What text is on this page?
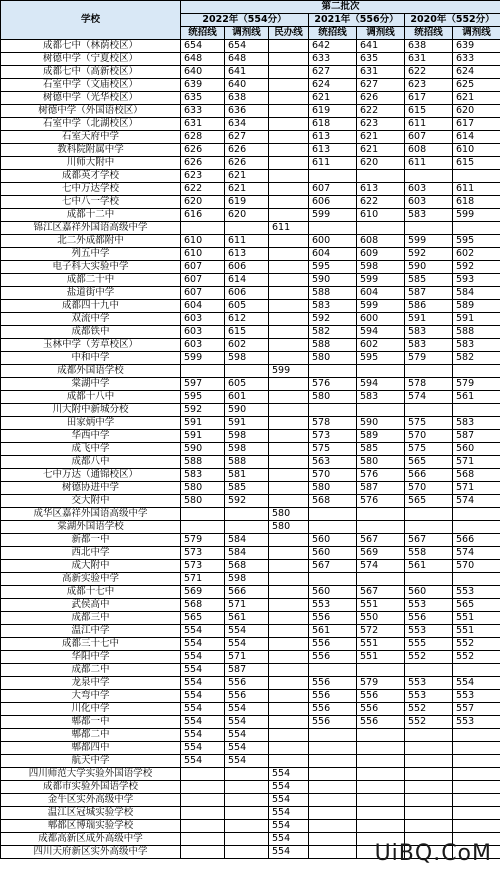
学校	第二批次						
	2022年（554分）			2021年（556分）		2020年（552分）	
	统招线	调剂线	民办线	统招线	调剂线	统招线	调剂线
成都七中（林荫校区）	654	654		642	641	638	639
树德中学（宁夏校区）	648	648		633	635	631	633
成都七中（高新校区）	640	641		627	631	622	624
石室中学（文庙校区）	639	640		624	627	623	625
树德中学（光华校区）	635	638		621	626	617	621
树德中学（外国语校区）	633	636		619	622	615	620
石室中学（北湖校区）	631	634		618	623	611	617
石室天府中学	628	627		613	621	607	614
教科院附属中学	626	626		613	621	608	610
川师大附中	626	626		611	620	611	615
成都英才学校	623	621					
七中万达学校	622	621		607	613	603	611
七中八一学校	620	619		606	622	603	618
成都十二中	616	620		599	610	583	599
锦江区嘉祥外国语高级中学			611				
北二外成都附中	610	611		600	608	599	595
列五中学	610	613		604	609	592	602
电子科大实验中学	607	606		595	598	590	592
成都二十中	607	614		590	599	585	593
盐道街中学	607	606		588	604	587	584
成都四十九中	604	605		583	599	586	589
双流中学	603	612		592	600	591	591
成都铁中	603	615		582	594	583	588
玉林中学（芳草校区）	603	602		588	602	583	583
中和中学	599	598		580	595	579	582
成都外国语学校			599				
棠湖中学	597	605		576	594	578	579
成都十八中	595	601		580	583	574	561
川大附中新城分校	592	590					
田家炳中学	591	591		578	590	575	583
华西中学	591	598		573	589	570	587
成飞中学	590	598		575	585	575	560
成都八中	588	588		563	580	565	571
七中万达（通锦校区）	583	581		570	576	566	568
树德协进中学	580	585		580	587	570	571
交大附中	580	592		568	576	565	574
成华区嘉祥外国语高级中学			580				
棠湖外国语学校			580				
新都一中	579	584		560	567	567	566
西北中学	573	584		560	569	558	574
成大附中	573	568		567	574	561	570
高新实验中学	571	598					
成都十七中	569	566		560	567	560	553
武侯高中	568	571		553	551	553	565
成都三中	565	561		556	550	556	551
温江中学	554	554		561	572	553	551
成都三十七中	554	554		556	551	555	552
华阳中学	554	571		556	551	552	552
成都二中	554	587					
龙泉中学	554	556		556	579	553	554
大弯中学	554	556		556	556	553	553
川化中学	554	554		556	556	552	557
郫都一中	554	554		556	556	552	553
郫都二中	554	554					
郫都四中	554	554					
航天中学	554	554					
四川师范大学实验外国语学校			554				
成都市实验外国语学校			554				
金牛区实外高级中学			554				
温江区冠城实验学校			554				
郫都区博瑞实验学校			554				
成都高新区成外高级中学			554				
四川天府新区实外高级中学			554					UiBQ.CoM
